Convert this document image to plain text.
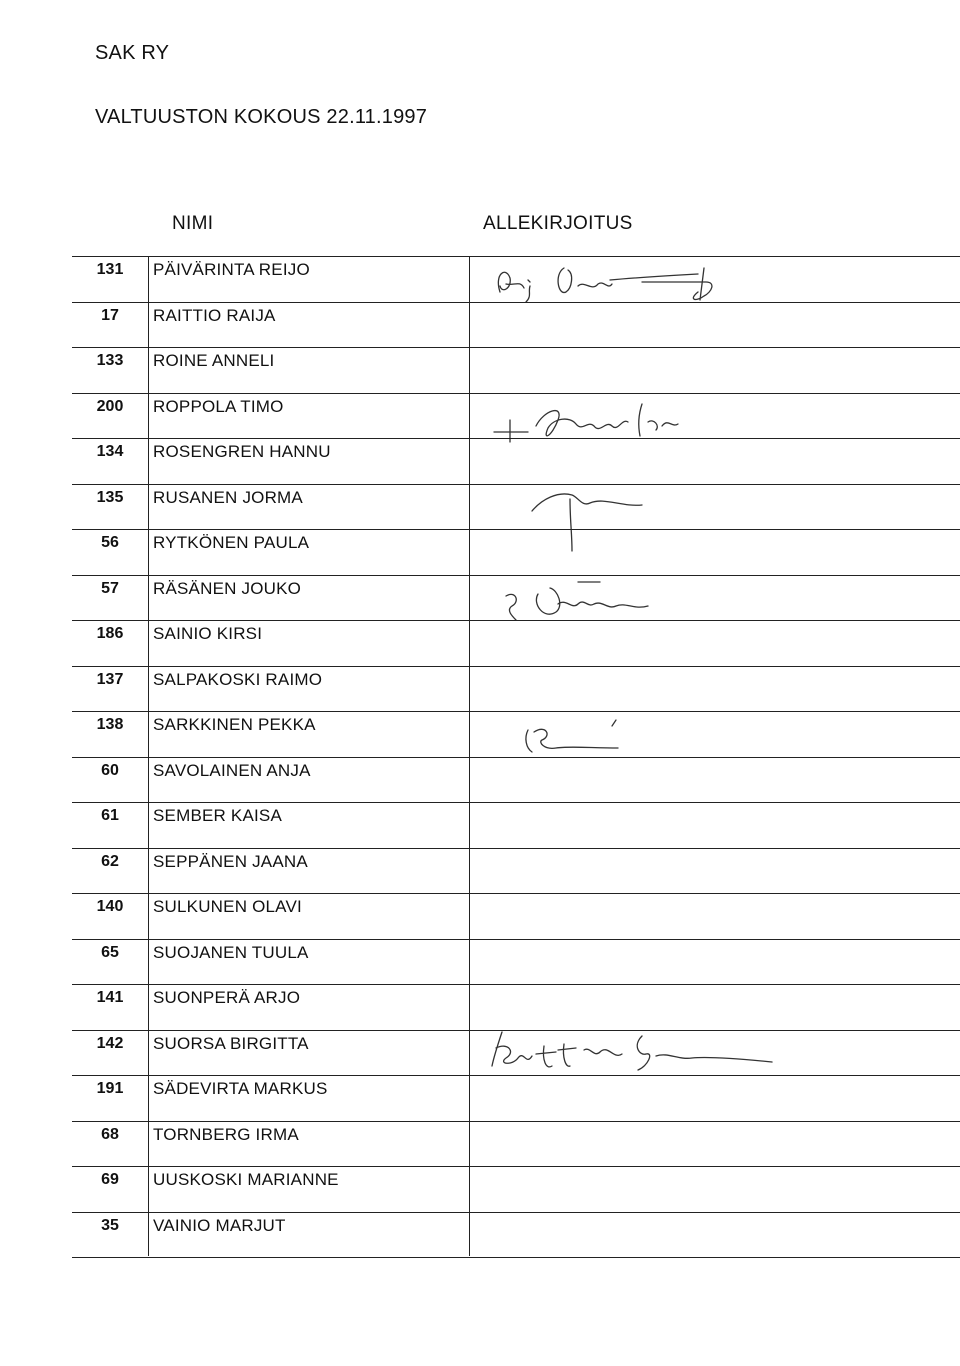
SAK RY
VALTUUSTON KOKOUS 22.11.1997
NIMI	ALLEKIRJOITUS
131	PÄIVÄRINTA REIJO
17	RAITTIO RAIJA
133	ROINE ANNELI
200	ROPPOLA TIMO
134	ROSENGREN HANNU
135	RUSANEN JORMA
56	RYTKÖNEN PAULA
57	RÄSÄNEN JOUKO
186	SAINIO KIRSI
137	SALPAKOSKI RAIMO
138	SARKKINEN PEKKA
60	SAVOLAINEN ANJA
61	SEMBER KAISA
62	SEPPÄNEN JAANA
140	SULKUNEN OLAVI
65	SUOJANEN TUULA
141	SUONPERÄ ARJO
142	SUORSA BIRGITTA
191	SÄDEVIRTA MARKUS
68	TORNBERG IRMA
69	UUSKOSKI MARIANNE
35	VAINIO MARJUT
